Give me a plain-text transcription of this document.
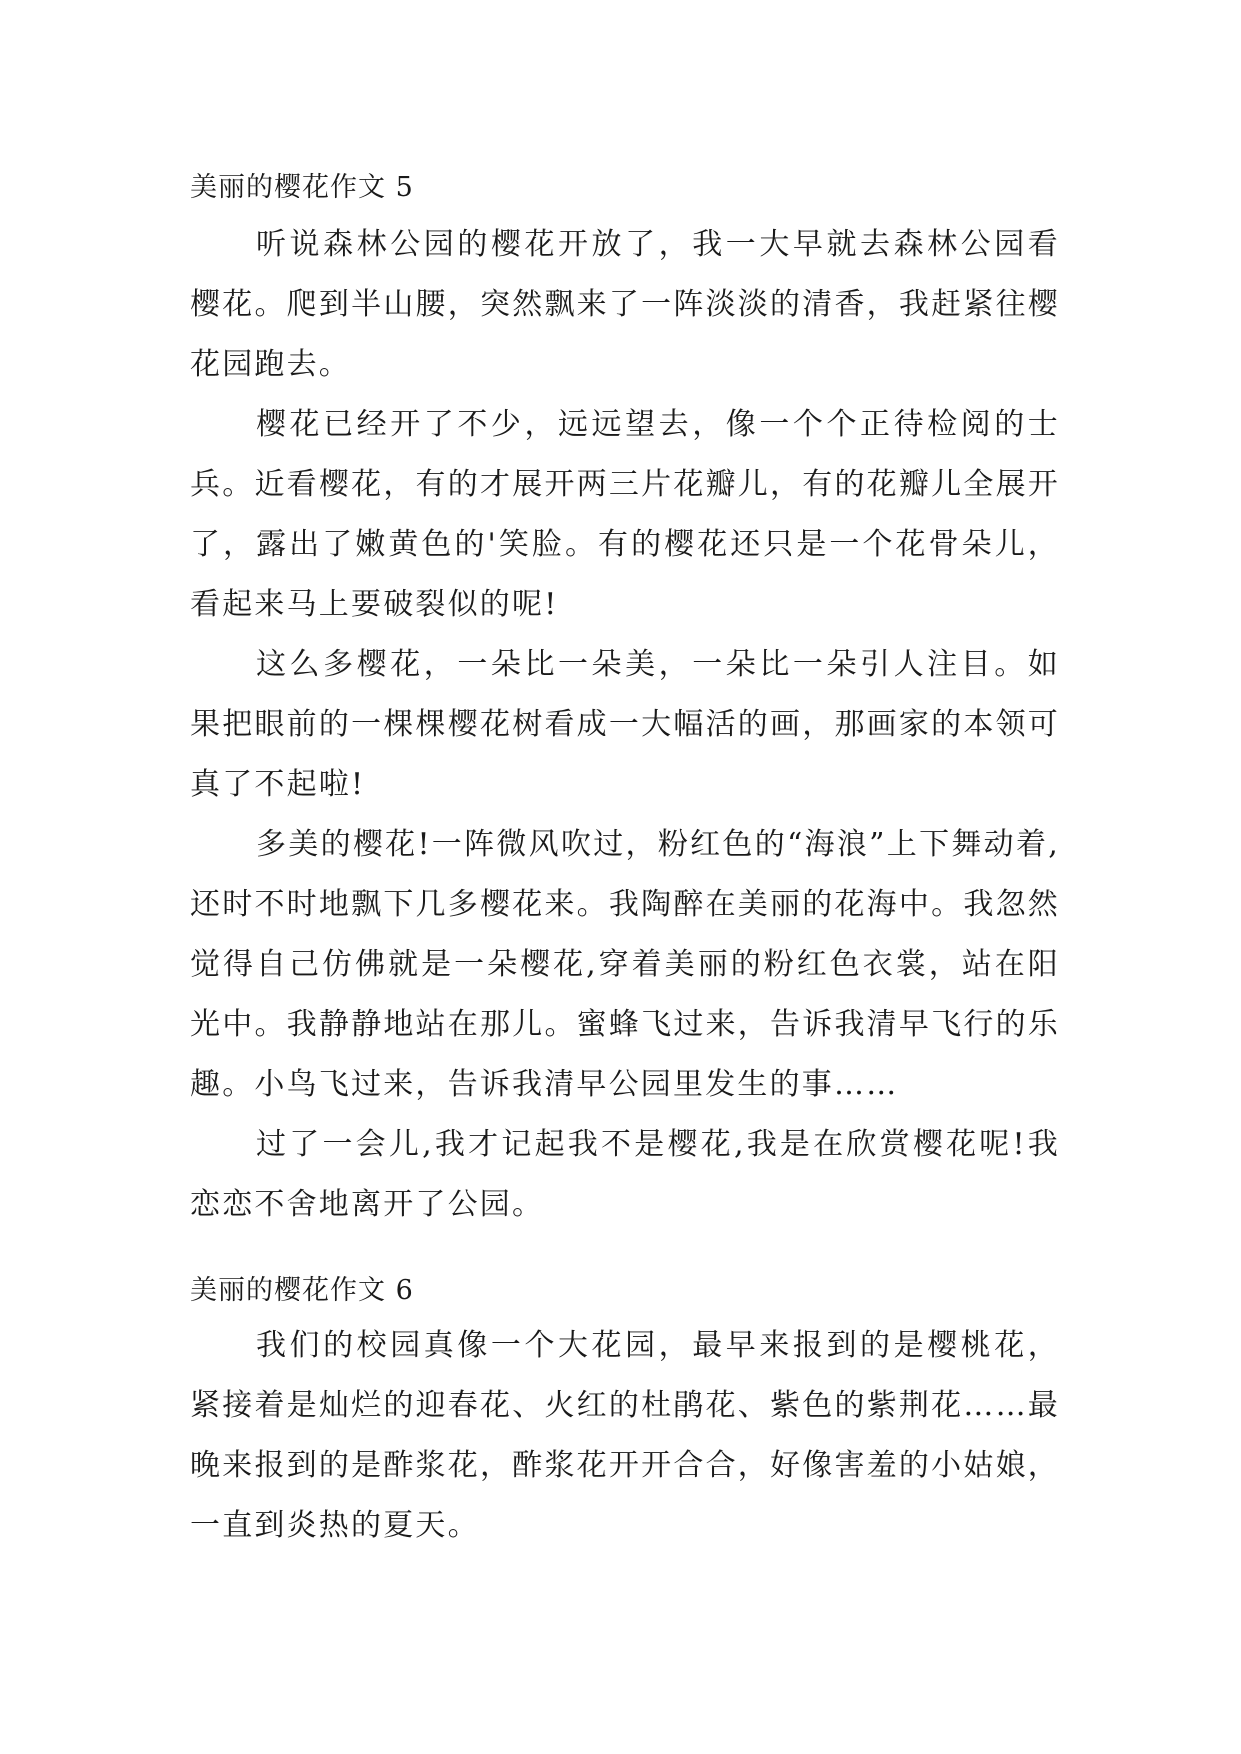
美丽的樱花作文 5

听说森林公园的樱花开放了，我一大早就去森林公园看樱花。爬到半山腰，突然飘来了一阵淡淡的清香，我赶紧往樱花园跑去。

樱花已经开了不少，远远望去，像一个个正待检阅的士兵。近看樱花，有的才展开两三片花瓣儿，有的花瓣儿全展开了，露出了嫩黄色的'笑脸。有的樱花还只是一个花骨朵儿，看起来马上要破裂似的呢!

这么多樱花，一朵比一朵美，一朵比一朵引人注目。如果把眼前的一棵棵樱花树看成一大幅活的画，那画家的本领可真了不起啦!

多美的樱花!一阵微风吹过，粉红色的“海浪”上下舞动着,还时不时地飘下几多樱花来。我陶醉在美丽的花海中。我忽然觉得自己仿佛就是一朵樱花,穿着美丽的粉红色衣裳，站在阳光中。我静静地站在那儿。蜜蜂飞过来，告诉我清早飞行的乐趣。小鸟飞过来，告诉我清早公园里发生的事……

过了一会儿,我才记起我不是樱花,我是在欣赏樱花呢!我恋恋不舍地离开了公园。

美丽的樱花作文 6

我们的校园真像一个大花园，最早来报到的是樱桃花，紧接着是灿烂的迎春花、火红的杜鹃花、紫色的紫荆花……最晚来报到的是酢浆花，酢浆花开开合合，好像害羞的小姑娘，一直到炎热的夏天。
